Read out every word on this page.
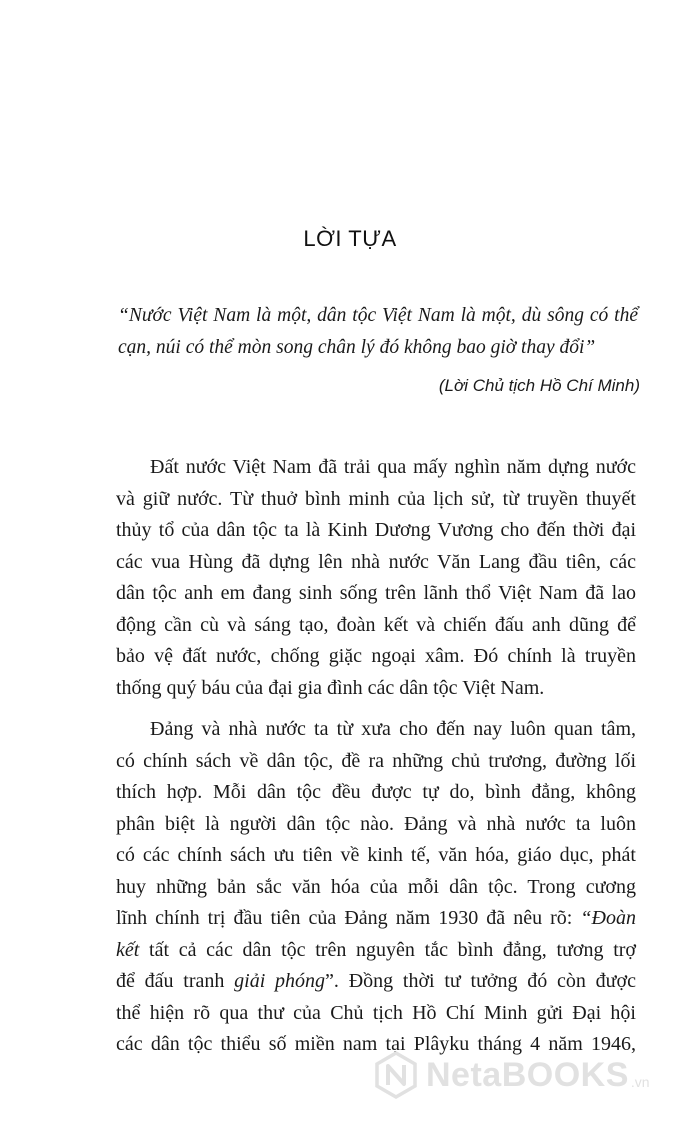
LỜI TỰA

“Nước Việt Nam là một, dân tộc Việt Nam là một, dù sông có thể
cạn, núi có thể mòn song chân lý đó không bao giờ thay đổi”

(Lời Chủ tịch Hồ Chí Minh)

Đất nước Việt Nam đã trải qua mấy nghìn năm dựng nước
và giữ nước. Từ thuở bình minh của lịch sử, từ truyền thuyết
thủy tổ của dân tộc ta là Kinh Dương Vương cho đến thời đại
các vua Hùng đã dựng lên nhà nước Văn Lang đầu tiên, các
dân tộc anh em đang sinh sống trên lãnh thổ Việt Nam đã lao
động cần cù và sáng tạo, đoàn kết và chiến đấu anh dũng để
bảo vệ đất nước, chống giặc ngoại xâm. Đó chính là truyền
thống quý báu của đại gia đình các dân tộc Việt Nam.

Đảng và nhà nước ta từ xưa cho đến nay luôn quan tâm,
có chính sách về dân tộc, đề ra những chủ trương, đường lối
thích hợp. Mỗi dân tộc đều được tự do, bình đẳng, không
phân biệt là người dân tộc nào. Đảng và nhà nước ta luôn
có các chính sách ưu tiên về kinh tế, văn hóa, giáo dục, phát
huy những bản sắc văn hóa của mỗi dân tộc. Trong cương
lĩnh chính trị đầu tiên của Đảng năm 1930 đã nêu rõ: “Đoàn
kết tất cả các dân tộc trên nguyên tắc bình đẳng, tương trợ
để đấu tranh giải phóng”. Đồng thời tư tưởng đó còn được
thể hiện rõ qua thư của Chủ tịch Hồ Chí Minh gửi Đại hội
các dân tộc thiểu số miền nam tại Plâyku tháng 4 năm 1946,

NetaBOOKS .vn
